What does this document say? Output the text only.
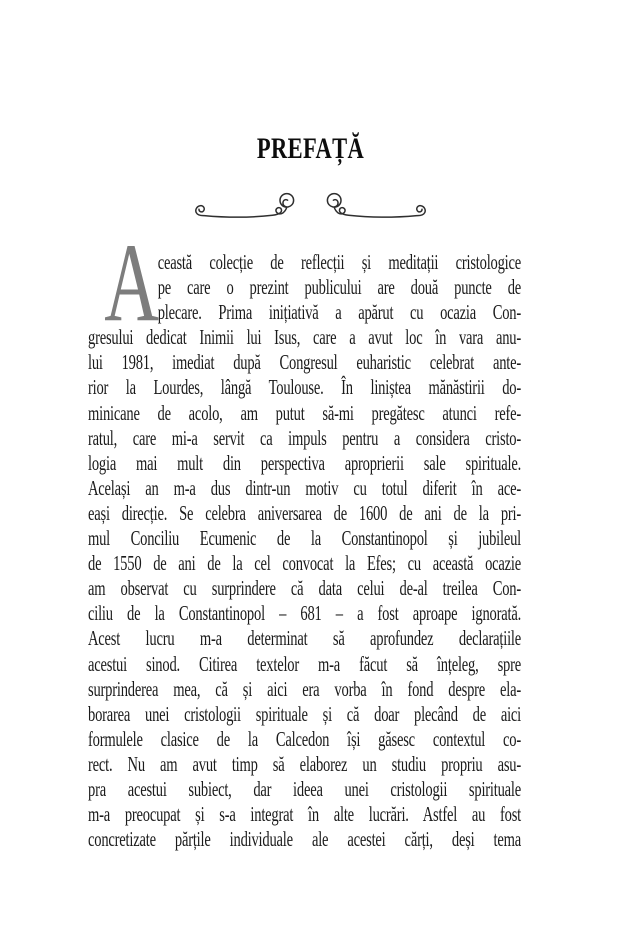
PREFAȚĂ
A
ceastă colecție de reflecții și meditații cristologice
pe care o prezint publicului are două puncte de
plecare. Prima inițiativă a apărut cu ocazia Con-
gresului dedicat Inimii lui Isus, care a avut loc în vara anu-
lui 1981, imediat după Congresul euharistic celebrat ante-
rior la Lourdes, lângă Toulouse. În liniștea mănăstirii do-
minicane de acolo, am putut să-mi pregătesc atunci refe-
ratul, care mi-a servit ca impuls pentru a considera cristo-
logia mai mult din perspectiva aproprierii sale spirituale.
Același an m-a dus dintr-un motiv cu totul diferit în ace-
eași direcție. Se celebra aniversarea de 1600 de ani de la pri-
mul Conciliu Ecumenic de la Constantinopol și jubileul
de 1550 de ani de la cel convocat la Efes; cu această ocazie
am observat cu surprindere că data celui de-al treilea Con-
ciliu de la Constantinopol – 681 – a fost aproape ignorată.
Acest lucru m-a determinat să aprofundez declarațiile
acestui sinod. Citirea textelor m-a făcut să înțeleg, spre
surprinderea mea, că și aici era vorba în fond despre ela-
borarea unei cristologii spirituale și că doar plecând de aici
formulele clasice de la Calcedon își găsesc contextul co-
rect. Nu am avut timp să elaborez un studiu propriu asu-
pra acestui subiect, dar ideea unei cristologii spirituale
m-a preocupat și s-a integrat în alte lucrări. Astfel au fost
concretizate părțile individuale ale acestei cărți, deși tema
